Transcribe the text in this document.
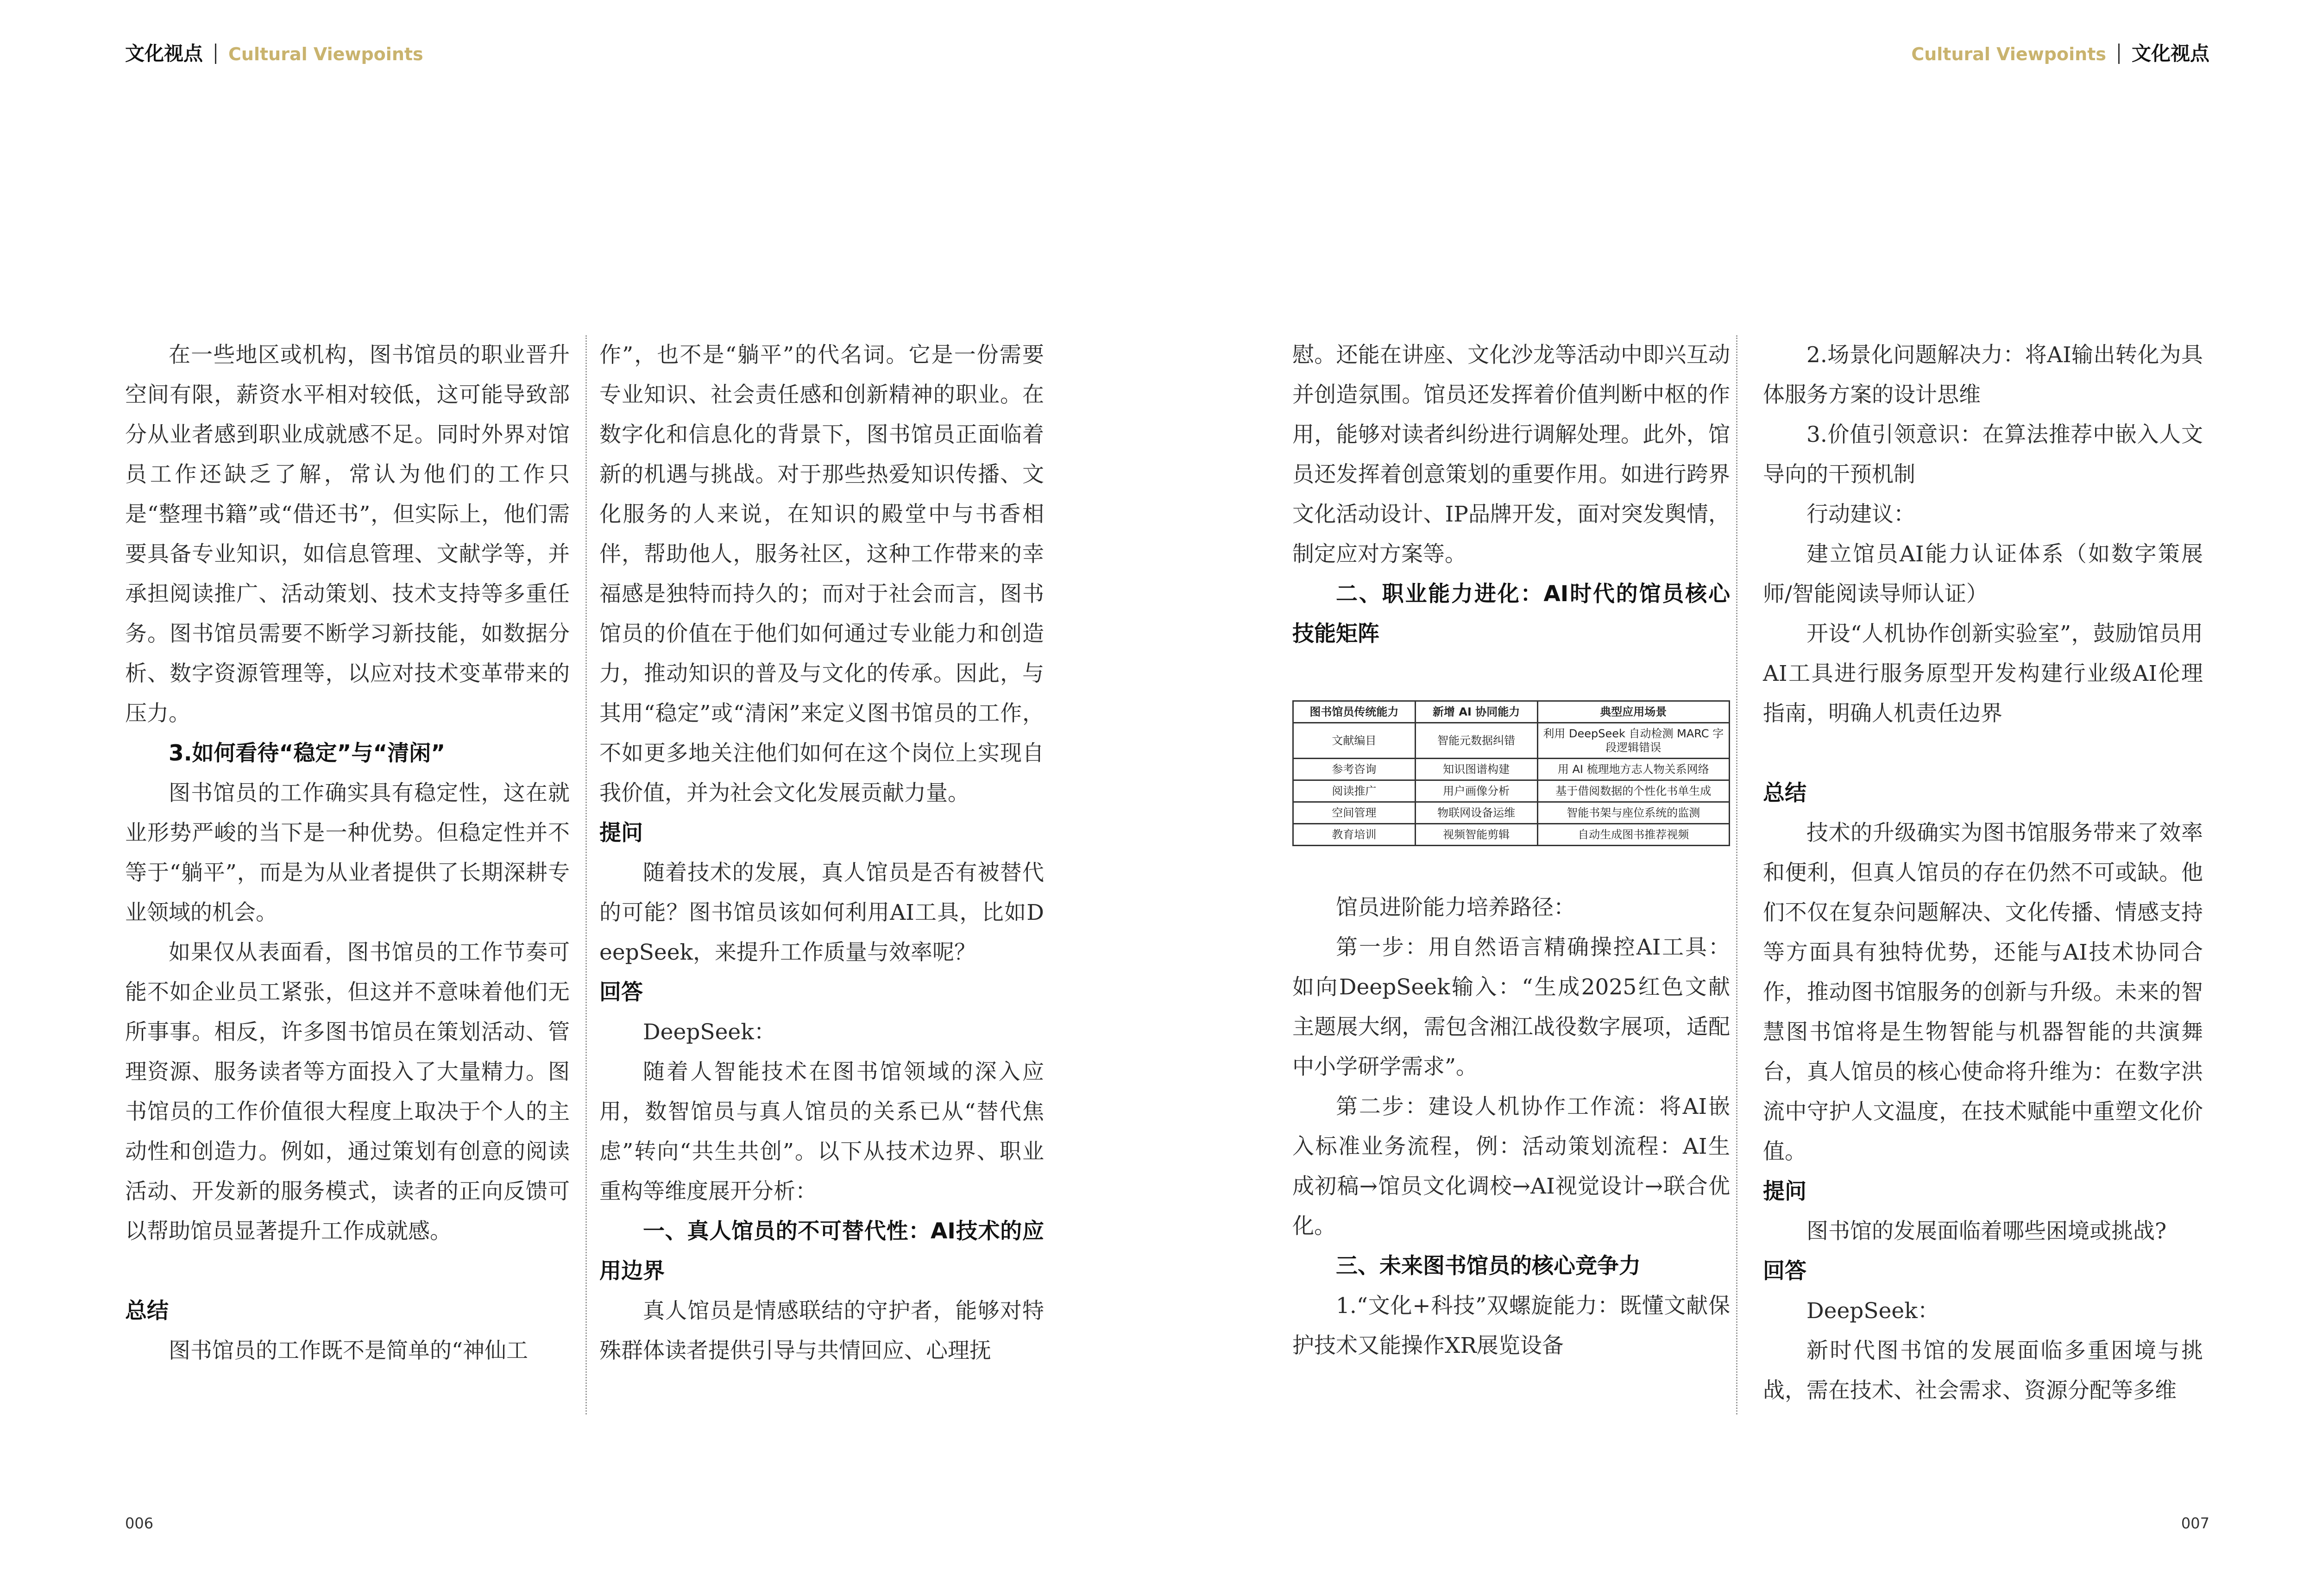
文化视点 Cultural Viewpoints	Cultural Viewpoints 文化视点

在一些地区或机构，图书馆员的职业晋升空间有限，薪资水平相对较低，这可能导致部分从业者感到职业成就感不足。同时外界对馆员工作还缺乏了解，常认为他们的工作只是“整理书籍”或“借还书”，但实际上，他们需要具备专业知识，如信息管理、文献学等，并承担阅读推广、活动策划、技术支持等多重任务。图书馆员需要不断学习新技能，如数据分析、数字资源管理等，以应对技术变革带来的压力。

3.如何看待“稳定”与“清闲”

图书馆员的工作确实具有稳定性，这在就业形势严峻的当下是一种优势。但稳定性并不等于“躺平”，而是为从业者提供了长期深耕专业领域的机会。

如果仅从表面看，图书馆员的工作节奏可能不如企业员工紧张，但这并不意味着他们无所事事。相反，许多图书馆员在策划活动、管理资源、服务读者等方面投入了大量精力。图书馆员的工作价值很大程度上取决于个人的主动性和创造力。例如，通过策划有创意的阅读活动、开发新的服务模式，读者的正向反馈可以帮助馆员显著提升工作成就感。

总结

图书馆员的工作既不是简单的“神仙工

作”，也不是“躺平”的代名词。它是一份需要专业知识、社会责任感和创新精神的职业。在数字化和信息化的背景下，图书馆员正面临着新的机遇与挑战。对于那些热爱知识传播、文化服务的人来说，在知识的殿堂中与书香相伴，帮助他人，服务社区，这种工作带来的幸福感是独特而持久的；而对于社会而言，图书馆员的价值在于他们如何通过专业能力和创造力，推动知识的普及与文化的传承。因此，与其用“稳定”或“清闲”来定义图书馆员的工作，不如更多地关注他们如何在这个岗位上实现自我价值，并为社会文化发展贡献力量。

提问

随着技术的发展，真人馆员是否有被替代的可能？图书馆员该如何利用AI工具，比如DeepSeek，来提升工作质量与效率呢？

回答

DeepSeek：

随着人智能技术在图书馆领域的深入应用，数智馆员与真人馆员的关系已从“替代焦虑”转向“共生共创”。以下从技术边界、职业重构等维度展开分析：

一、真人馆员的不可替代性：AI技术的应用边界

真人馆员是情感联结的守护者，能够对特殊群体读者提供引导与共情回应、心理抚

慰。还能在讲座、文化沙龙等活动中即兴互动并创造氛围。馆员还发挥着价值判断中枢的作用，能够对读者纠纷进行调解处理。此外，馆员还发挥着创意策划的重要作用。如进行跨界文化活动设计、IP品牌开发，面对突发舆情，制定应对方案等。

二、职业能力进化：AI时代的馆员核心技能矩阵

图书馆员传统能力	新增 AI 协同能力	典型应用场景
文献编目	智能元数据纠错	利用 DeepSeek 自动检测 MARC 字段逻辑错误
参考咨询	知识图谱构建	用 AI 梳理地方志人物关系网络
阅读推广	用户画像分析	基于借阅数据的个性化书单生成
空间管理	物联网设备运维	智能书架与座位系统的监测
教育培训	视频智能剪辑	自动生成图书推荐视频

馆员进阶能力培养路径：

第一步：用自然语言精确操控AI工具：如向DeepSeek输入：“生成2025红色文献主题展大纲，需包含湘江战役数字展项，适配中小学研学需求”。

第二步：建设人机协作工作流：将AI嵌入标准业务流程，例：活动策划流程：AI生成初稿→馆员文化调校→AI视觉设计→联合优化。

三、未来图书馆员的核心竞争力

1.“文化+科技”双螺旋能力：既懂文献保护技术又能操作XR展览设备

2.场景化问题解决力：将AI输出转化为具体服务方案的设计思维

3.价值引领意识：在算法推荐中嵌入人文导向的干预机制

行动建议：

建立馆员AI能力认证体系（如数字策展师/智能阅读导师认证）

开设“人机协作创新实验室”，鼓励馆员用AI工具进行服务原型开发构建行业级AI伦理指南，明确人机责任边界

总结

技术的升级确实为图书馆服务带来了效率和便利，但真人馆员的存在仍然不可或缺。他们不仅在复杂问题解决、文化传播、情感支持等方面具有独特优势，还能与AI技术协同合作，推动图书馆服务的创新与升级。未来的智慧图书馆将是生物智能与机器智能的共演舞台，真人馆员的核心使命将升维为：在数字洪流中守护人文温度，在技术赋能中重塑文化价值。

提问

图书馆的发展面临着哪些困境或挑战?

回答

DeepSeek：

新时代图书馆的发展面临多重困境与挑战，需在技术、社会需求、资源分配等多维

006	007
